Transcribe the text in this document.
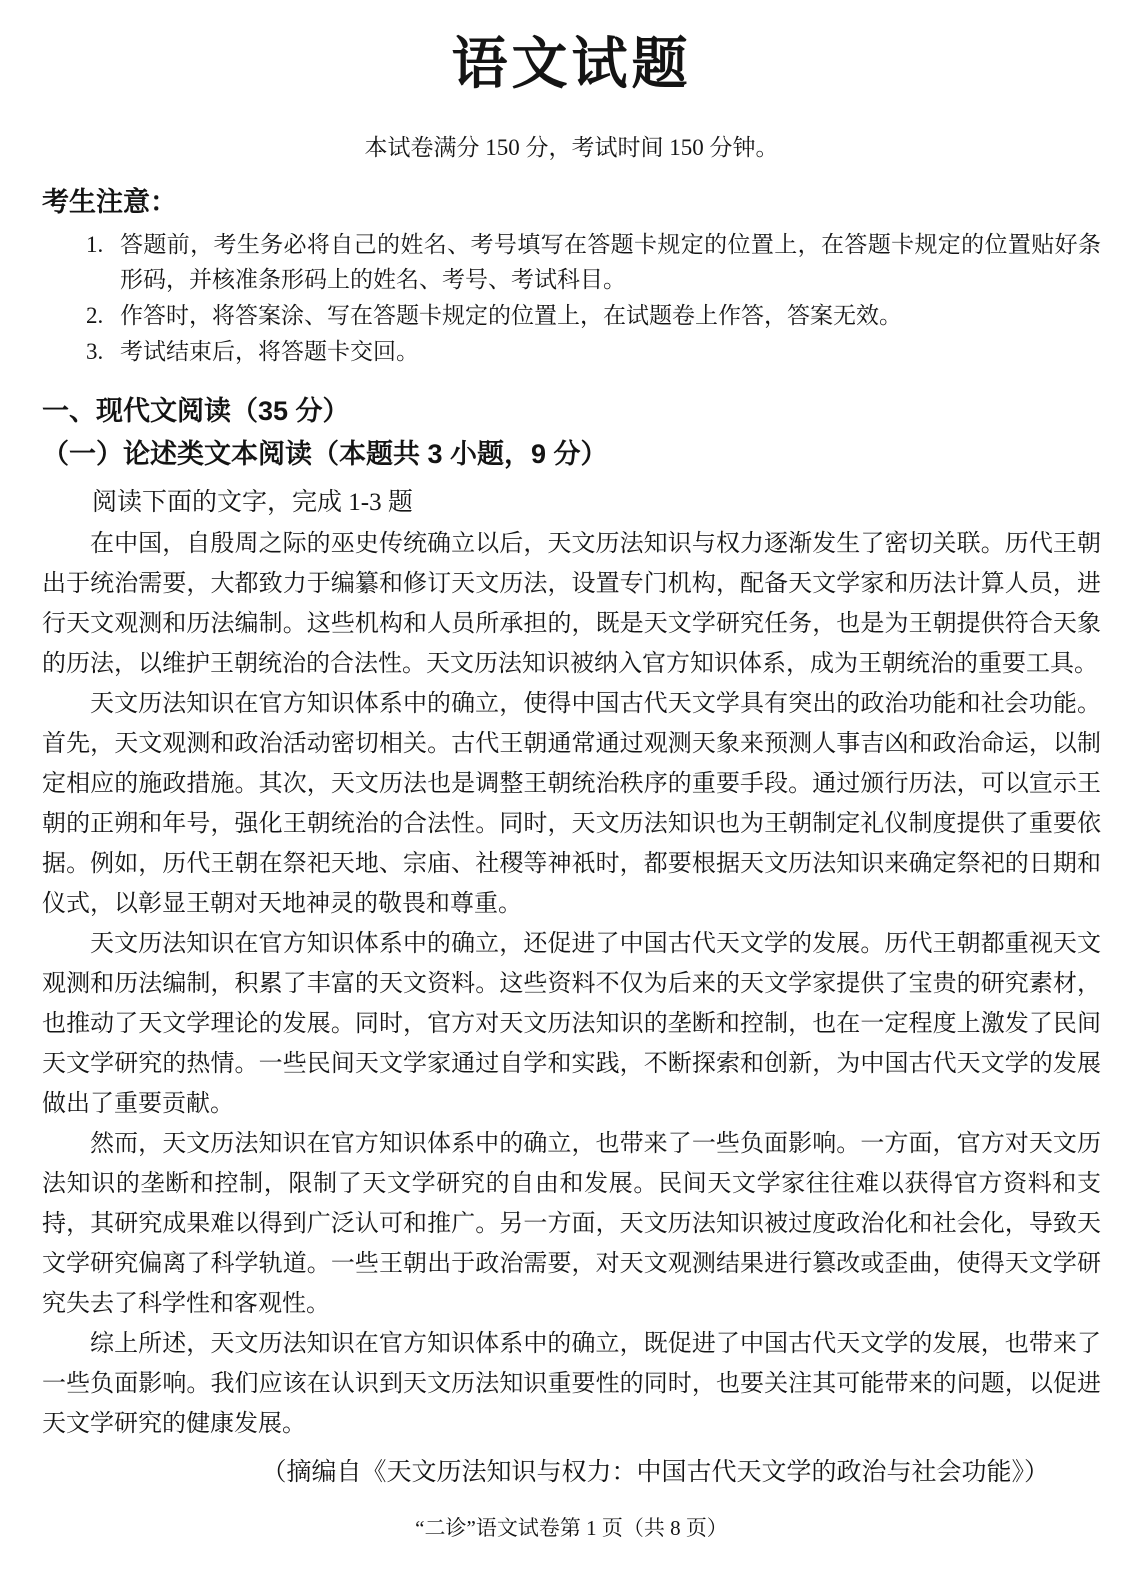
语文试题
本试卷满分 150 分，考试时间 150 分钟。
考生注意：
1. 答题前，考生务必将自己的姓名、考号填写在答题卡规定的位置上，在答题卡规定的位置贴好条形码，并核准条形码上的姓名、考号、考试科目。
2. 作答时，将答案涂、写在答题卡规定的位置上，在试题卷上作答，答案无效。
3. 考试结束后，将答题卡交回。
一、现代文阅读（35 分）
（一）论述类文本阅读（本题共 3 小题，9 分）
阅读下面的文字，完成 1-3 题

在中国，自殷周之际的巫史传统确立以后，天文历法知识与权力逐渐发生了密切关联。历代王朝出于统治需要，大都致力于编纂和修订天文历法，设置专门机构，配备天文学家和历法计算人员，进行天文观测和历法编制。这些机构和人员所承担的，既是天文学研究任务，也是为王朝提供符合天象的历法，以维护王朝统治的合法性。天文历法知识被纳入官方知识体系，成为王朝统治的重要工具。

天文历法知识在官方知识体系中的确立，使得中国古代天文学具有突出的政治功能和社会功能。首先，天文观测和政治活动密切相关。古代王朝通常通过观测天象来预测人事吉凶和政治命运，以制定相应的施政措施。其次，天文历法也是调整王朝统治秩序的重要手段。通过颁行历法，可以宣示王朝的正朔和年号，强化王朝统治的合法性。同时，天文历法知识也为王朝制定礼仪制度提供了重要依据。例如，历代王朝在祭祀天地、宗庙、社稷等神祇时，都要根据天文历法知识来确定祭祀的日期和仪式，以彰显王朝对天地神灵的敬畏和尊重。

天文历法知识在官方知识体系中的确立，还促进了中国古代天文学的发展。历代王朝都重视天文观测和历法编制，积累了丰富的天文资料。这些资料不仅为后来的天文学家提供了宝贵的研究素材，也推动了天文学理论的发展。同时，官方对天文历法知识的垄断和控制，也在一定程度上激发了民间天文学研究的热情。一些民间天文学家通过自学和实践，不断探索和创新，为中国古代天文学的发展做出了重要贡献。

然而，天文历法知识在官方知识体系中的确立，也带来了一些负面影响。一方面，官方对天文历法知识的垄断和控制，限制了天文学研究的自由和发展。民间天文学家往往难以获得官方资料和支持，其研究成果难以得到广泛认可和推广。另一方面，天文历法知识被过度政治化和社会化，导致天文学研究偏离了科学轨道。一些王朝出于政治需要，对天文观测结果进行篡改或歪曲，使得天文学研究失去了科学性和客观性。

综上所述，天文历法知识在官方知识体系中的确立，既促进了中国古代天文学的发展，也带来了一些负面影响。我们应该在认识到天文历法知识重要性的同时，也要关注其可能带来的问题，以促进天文学研究的健康发展。

（摘编自《天文历法知识与权力：中国古代天文学的政治与社会功能》）
“二诊”语文试卷第 1 页（共 8 页）
